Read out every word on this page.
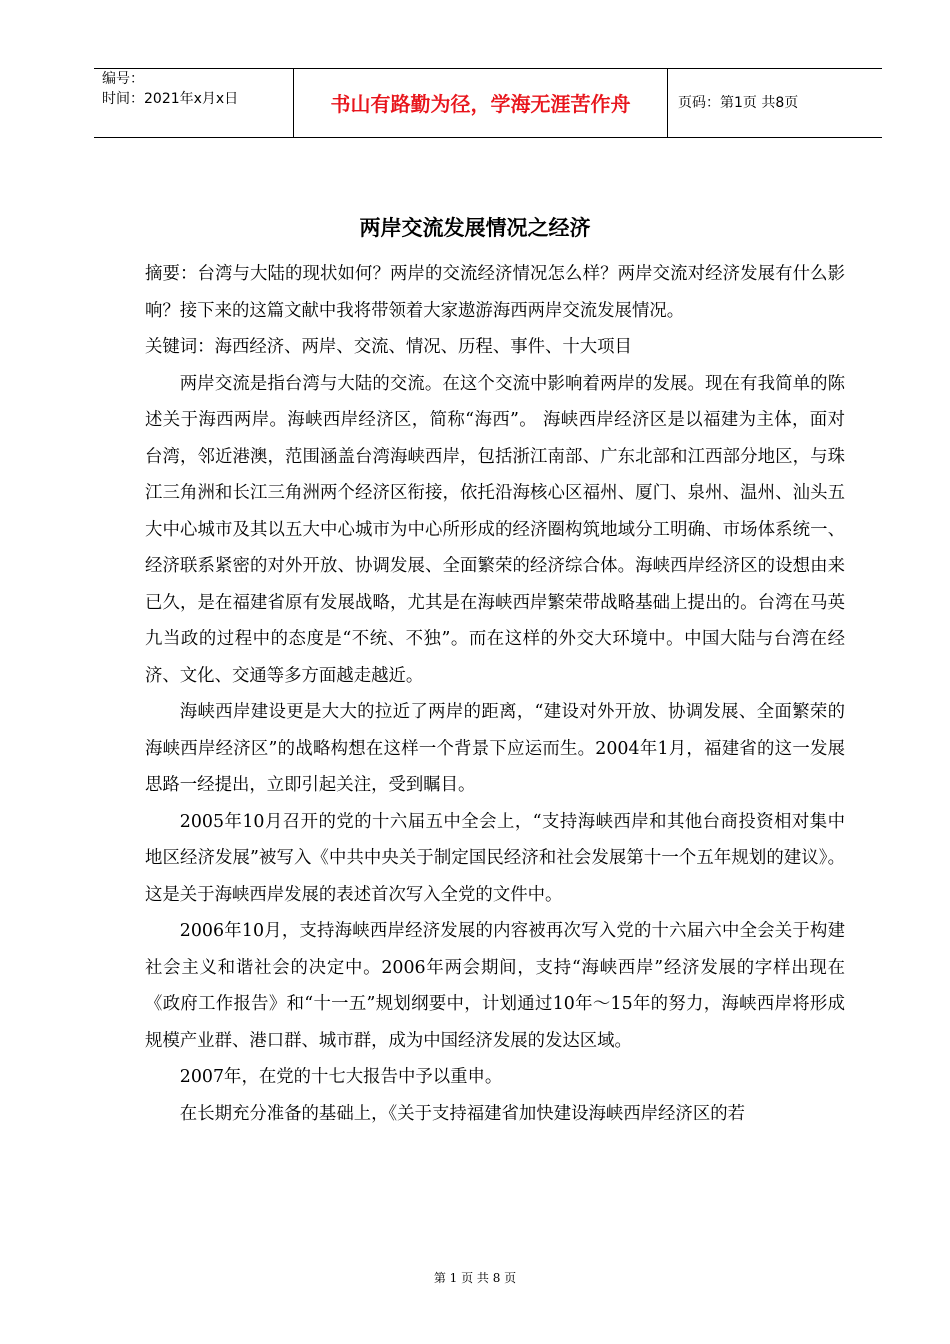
编号：
时间：2021年x月x日	书山有路勤为径，学海无涯苦作舟	页码：第1页 共8页
两岸交流发展情况之经济

摘要：台湾与大陆的现状如何？两岸的交流经济情况怎么样？两岸交流对经济发展有什么影响？接下来的这篇文献中我将带领着大家遨游海西两岸交流发展情况。

关键词：海西经济、两岸、交流、情况、历程、事件、十大项目

两岸交流是指台湾与大陆的交流。在这个交流中影响着两岸的发展。现在有我简单的陈述关于海西两岸。海峡西岸经济区，简称“海西”。 海峡西岸经济区是以福建为主体，面对台湾，邻近港澳，范围涵盖台湾海峡西岸，包括浙江南部、广东北部和江西部分地区，与珠江三角洲和长江三角洲两个经济区衔接，依托沿海核心区福州、厦门、泉州、温州、汕头五大中心城市及其以五大中心城市为中心所形成的经济圈构筑地域分工明确、市场体系统一、经济联系紧密的对外开放、协调发展、全面繁荣的经济综合体。海峡西岸经济区的设想由来已久，是在福建省原有发展战略，尤其是在海峡西岸繁荣带战略基础上提出的。台湾在马英九当政的过程中的态度是“不统、不独”。而在这样的外交大环境中。中国大陆与台湾在经济、文化、交通等多方面越走越近。

海峡西岸建设更是大大的拉近了两岸的距离，“建设对外开放、协调发展、全面繁荣的海峡西岸经济区”的战略构想在这样一个背景下应运而生。2004年1月，福建省的这一发展思路一经提出，立即引起关注，受到瞩目。

2005年10月召开的党的十六届五中全会上，“支持海峡西岸和其他台商投资相对集中地区经济发展”被写入《中共中央关于制定国民经济和社会发展第十一个五年规划的建议》。这是关于海峡西岸发展的表述首次写入全党的文件中。

2006年10月，支持海峡西岸经济发展的内容被再次写入党的十六届六中全会关于构建社会主义和谐社会的决定中。2006年两会期间，支持“海峡西岸”经济发展的字样出现在《政府工作报告》和“十一五”规划纲要中，计划通过10年～15年的努力，海峡西岸将形成规模产业群、港口群、城市群，成为中国经济发展的发达区域。

2007年，在党的十七大报告中予以重申。

在长期充分准备的基础上，《关于支持福建省加快建设海峡西岸经济区的若

第 1 页 共 8 页
